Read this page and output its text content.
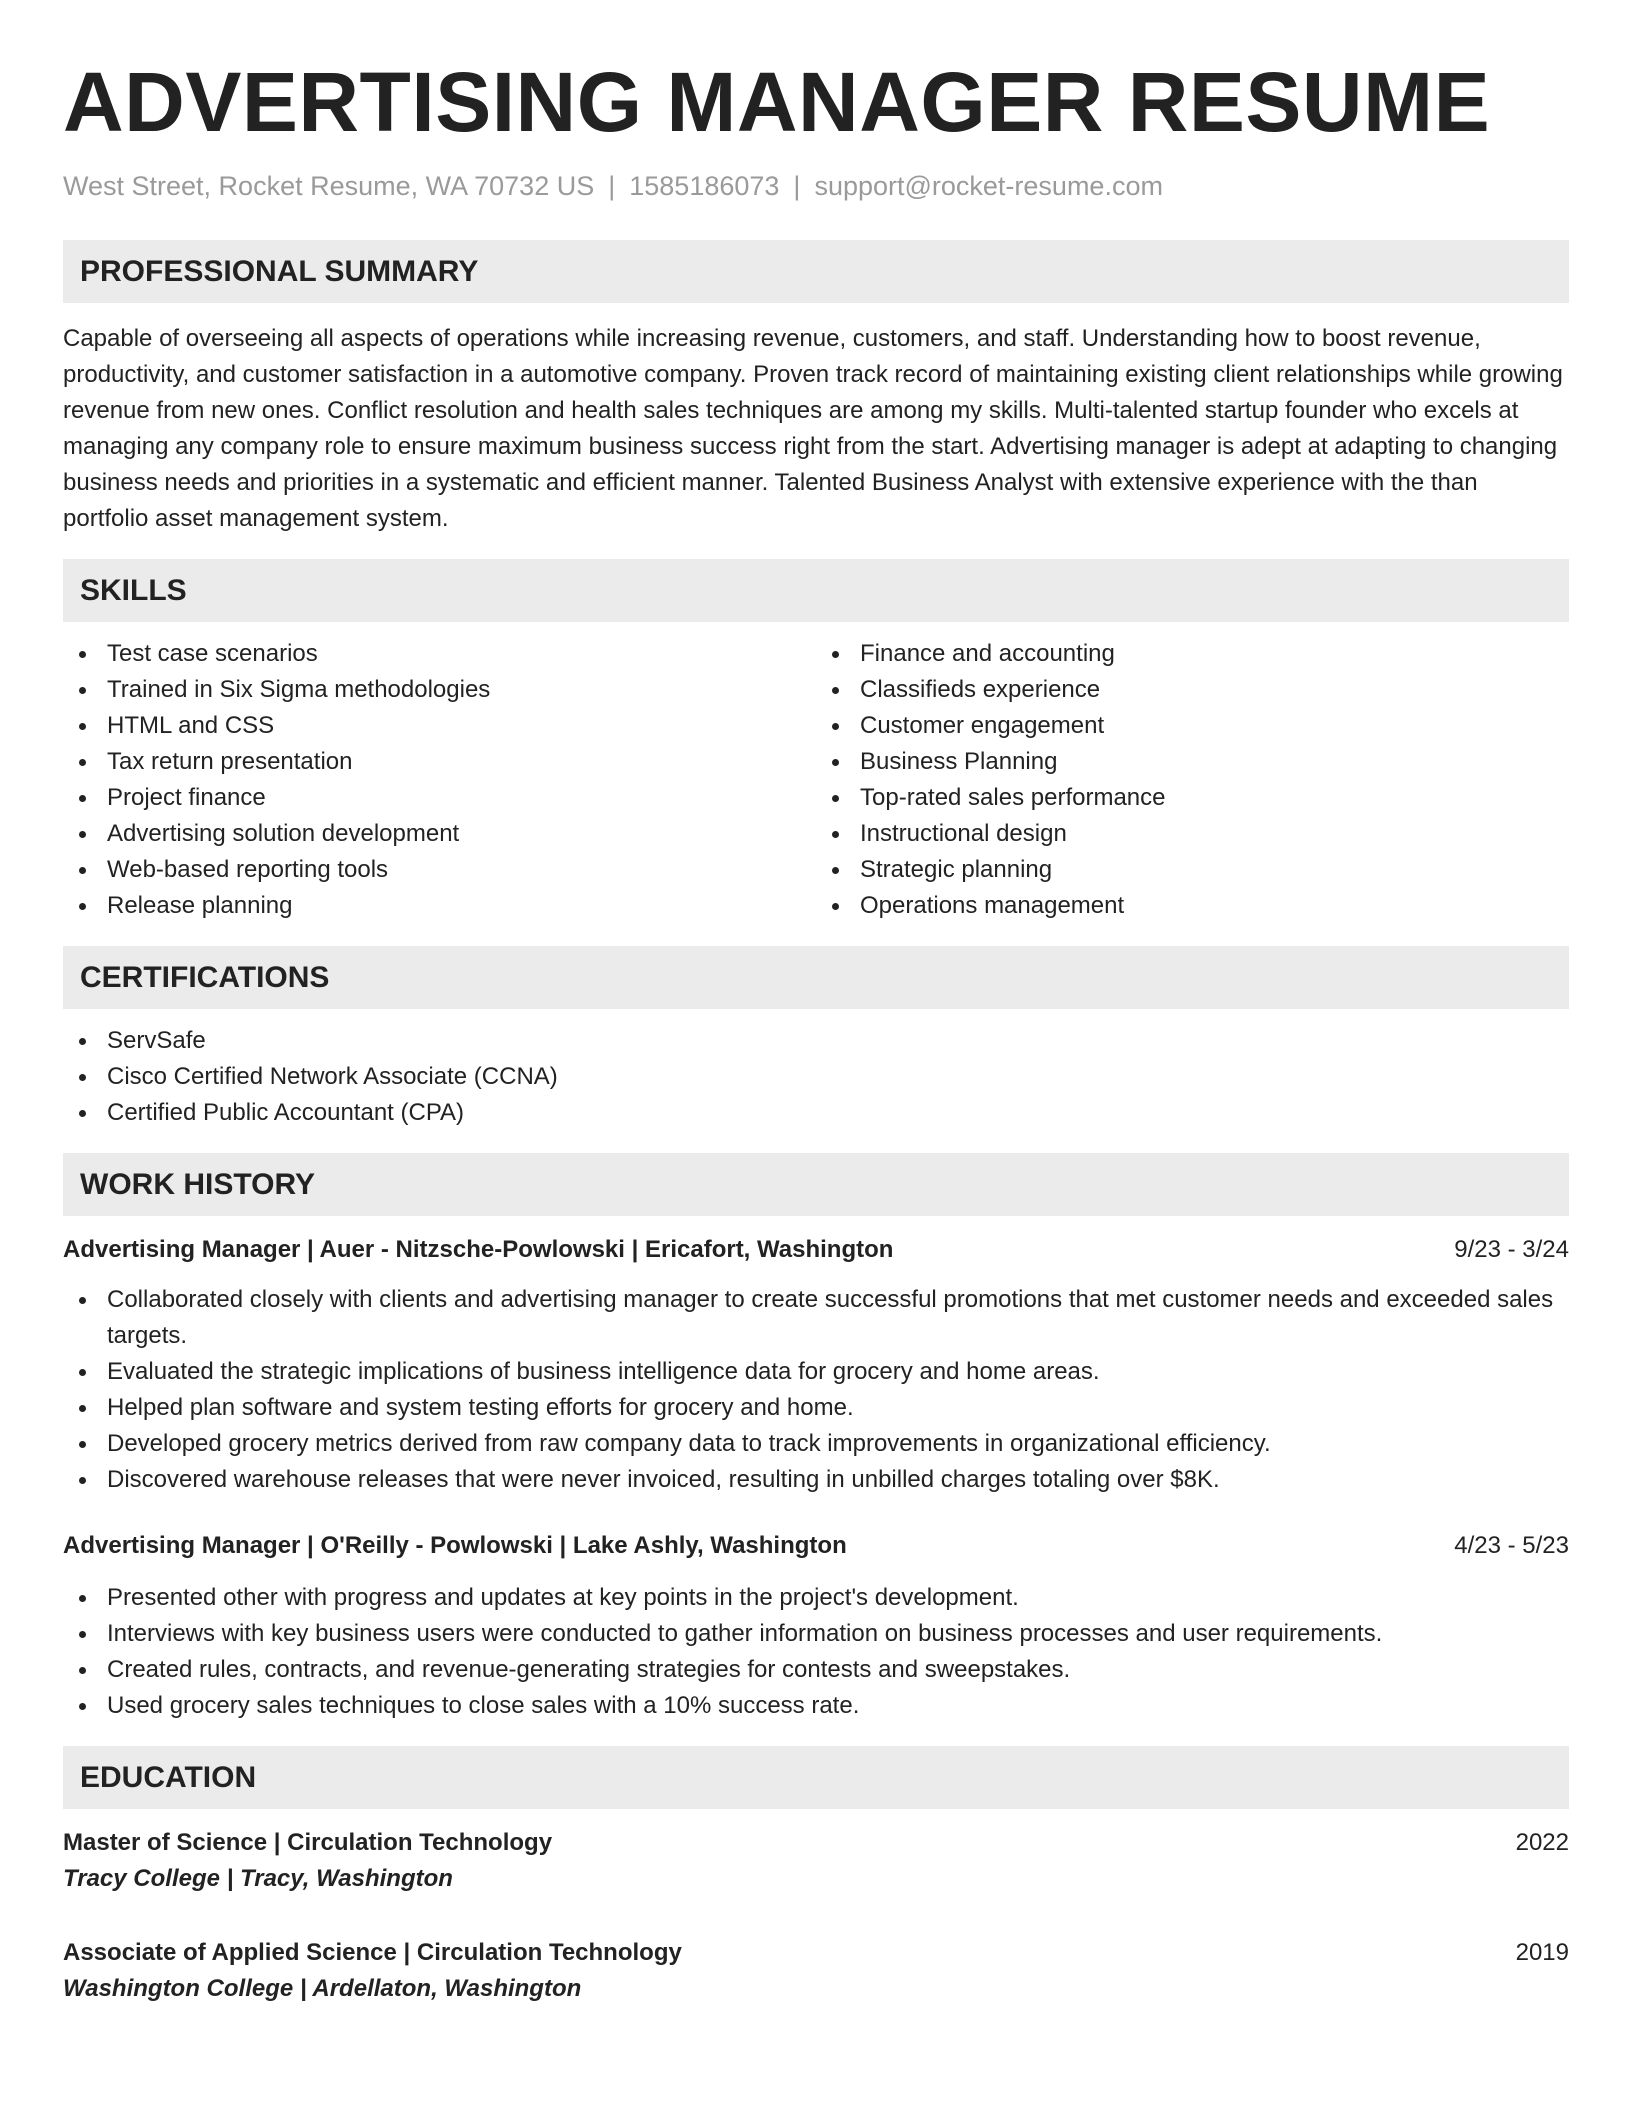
ADVERTISING MANAGER RESUME
West Street, Rocket Resume, WA 70732 US | 1585186073 | support@rocket-resume.com
PROFESSIONAL SUMMARY

Capable of overseeing all aspects of operations while increasing revenue, customers, and staff. Understanding how to boost revenue, productivity, and customer satisfaction in a automotive company. Proven track record of maintaining existing client relationships while growing revenue from new ones. Conflict resolution and health sales techniques are among my skills. Multi-talented startup founder who excels at managing any company role to ensure maximum business success right from the start. Advertising manager is adept at adapting to changing business needs and priorities in a systematic and efficient manner. Talented Business Analyst with extensive experience with the than portfolio asset management system.

SKILLS
Test case scenarios
Trained in Six Sigma methodologies
HTML and CSS
Tax return presentation
Project finance
Advertising solution development
Web-based reporting tools
Release planning
Finance and accounting
Classifieds experience
Customer engagement
Business Planning
Top-rated sales performance
Instructional design
Strategic planning
Operations management
CERTIFICATIONS
ServSafe
Cisco Certified Network Associate (CCNA)
Certified Public Accountant (CPA)
WORK HISTORY
Advertising Manager | Auer - Nitzsche-Powlowski | Ericafort, Washington	9/23 - 3/24
Collaborated closely with clients and advertising manager to create successful promotions that met customer needs and exceeded sales targets.
Evaluated the strategic implications of business intelligence data for grocery and home areas.
Helped plan software and system testing efforts for grocery and home.
Developed grocery metrics derived from raw company data to track improvements in organizational efficiency.
Discovered warehouse releases that were never invoiced, resulting in unbilled charges totaling over $8K.
Advertising Manager | O'Reilly - Powlowski | Lake Ashly, Washington	4/23 - 5/23
Presented other with progress and updates at key points in the project's development.
Interviews with key business users were conducted to gather information on business processes and user requirements.
Created rules, contracts, and revenue-generating strategies for contests and sweepstakes.
Used grocery sales techniques to close sales with a 10% success rate.
EDUCATION
Master of Science | Circulation Technology	2022
Tracy College | Tracy, Washington
Associate of Applied Science | Circulation Technology	2019
Washington College | Ardellaton, Washington
